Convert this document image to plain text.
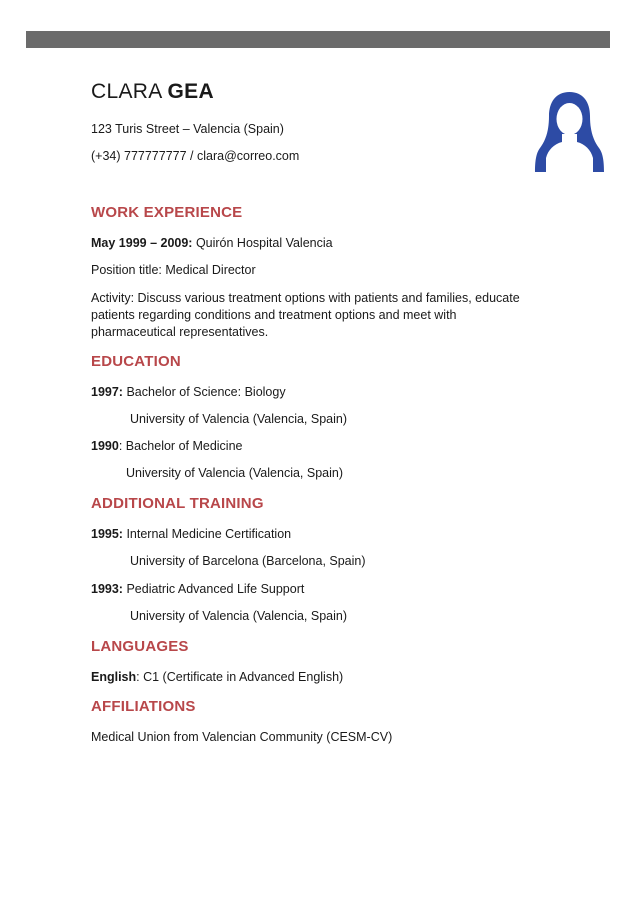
CLARA GEA
123 Turis Street – Valencia (Spain)
(+34) 777777777 / clara@correo.com
WORK EXPERIENCE
May 1999 – 2009: Quirón Hospital Valencia
Position title: Medical Director
Activity: Discuss various treatment options with patients and families, educate patients regarding conditions and treatment options and meet with pharmaceutical representatives.
EDUCATION
1997: Bachelor of Science: Biology
University of Valencia (Valencia, Spain)
1990: Bachelor of Medicine
University of Valencia (Valencia, Spain)
ADDITIONAL TRAINING
1995: Internal Medicine Certification
University of Barcelona (Barcelona, Spain)
1993: Pediatric Advanced Life Support
University of Valencia (Valencia, Spain)
LANGUAGES
English: C1 (Certificate in Advanced English)
AFFILIATIONS
Medical Union from Valencian Community (CESM-CV)
